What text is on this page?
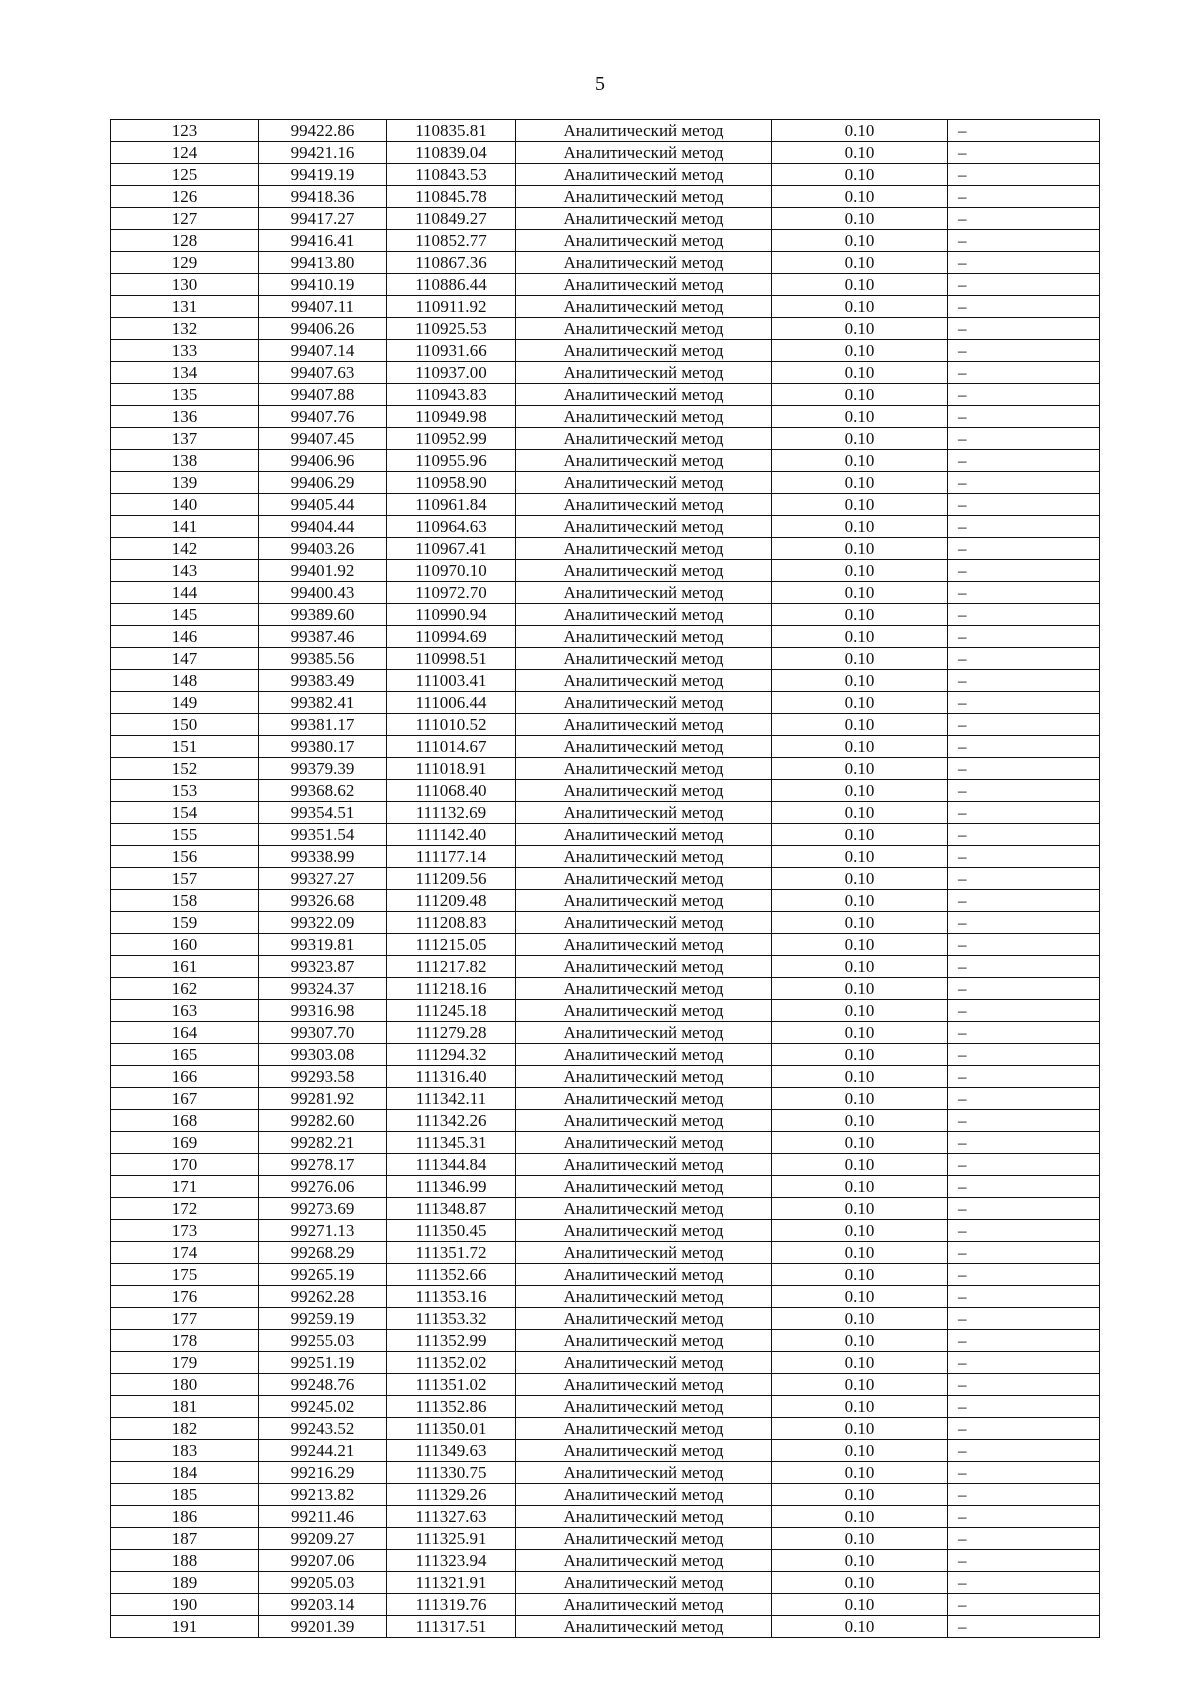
5
123	99422.86	110835.81	Аналитический метод	0.10	–
124	99421.16	110839.04	Аналитический метод	0.10	–
125	99419.19	110843.53	Аналитический метод	0.10	–
126	99418.36	110845.78	Аналитический метод	0.10	–
127	99417.27	110849.27	Аналитический метод	0.10	–
128	99416.41	110852.77	Аналитический метод	0.10	–
129	99413.80	110867.36	Аналитический метод	0.10	–
130	99410.19	110886.44	Аналитический метод	0.10	–
131	99407.11	110911.92	Аналитический метод	0.10	–
132	99406.26	110925.53	Аналитический метод	0.10	–
133	99407.14	110931.66	Аналитический метод	0.10	–
134	99407.63	110937.00	Аналитический метод	0.10	–
135	99407.88	110943.83	Аналитический метод	0.10	–
136	99407.76	110949.98	Аналитический метод	0.10	–
137	99407.45	110952.99	Аналитический метод	0.10	–
138	99406.96	110955.96	Аналитический метод	0.10	–
139	99406.29	110958.90	Аналитический метод	0.10	–
140	99405.44	110961.84	Аналитический метод	0.10	–
141	99404.44	110964.63	Аналитический метод	0.10	–
142	99403.26	110967.41	Аналитический метод	0.10	–
143	99401.92	110970.10	Аналитический метод	0.10	–
144	99400.43	110972.70	Аналитический метод	0.10	–
145	99389.60	110990.94	Аналитический метод	0.10	–
146	99387.46	110994.69	Аналитический метод	0.10	–
147	99385.56	110998.51	Аналитический метод	0.10	–
148	99383.49	111003.41	Аналитический метод	0.10	–
149	99382.41	111006.44	Аналитический метод	0.10	–
150	99381.17	111010.52	Аналитический метод	0.10	–
151	99380.17	111014.67	Аналитический метод	0.10	–
152	99379.39	111018.91	Аналитический метод	0.10	–
153	99368.62	111068.40	Аналитический метод	0.10	–
154	99354.51	111132.69	Аналитический метод	0.10	–
155	99351.54	111142.40	Аналитический метод	0.10	–
156	99338.99	111177.14	Аналитический метод	0.10	–
157	99327.27	111209.56	Аналитический метод	0.10	–
158	99326.68	111209.48	Аналитический метод	0.10	–
159	99322.09	111208.83	Аналитический метод	0.10	–
160	99319.81	111215.05	Аналитический метод	0.10	–
161	99323.87	111217.82	Аналитический метод	0.10	–
162	99324.37	111218.16	Аналитический метод	0.10	–
163	99316.98	111245.18	Аналитический метод	0.10	–
164	99307.70	111279.28	Аналитический метод	0.10	–
165	99303.08	111294.32	Аналитический метод	0.10	–
166	99293.58	111316.40	Аналитический метод	0.10	–
167	99281.92	111342.11	Аналитический метод	0.10	–
168	99282.60	111342.26	Аналитический метод	0.10	–
169	99282.21	111345.31	Аналитический метод	0.10	–
170	99278.17	111344.84	Аналитический метод	0.10	–
171	99276.06	111346.99	Аналитический метод	0.10	–
172	99273.69	111348.87	Аналитический метод	0.10	–
173	99271.13	111350.45	Аналитический метод	0.10	–
174	99268.29	111351.72	Аналитический метод	0.10	–
175	99265.19	111352.66	Аналитический метод	0.10	–
176	99262.28	111353.16	Аналитический метод	0.10	–
177	99259.19	111353.32	Аналитический метод	0.10	–
178	99255.03	111352.99	Аналитический метод	0.10	–
179	99251.19	111352.02	Аналитический метод	0.10	–
180	99248.76	111351.02	Аналитический метод	0.10	–
181	99245.02	111352.86	Аналитический метод	0.10	–
182	99243.52	111350.01	Аналитический метод	0.10	–
183	99244.21	111349.63	Аналитический метод	0.10	–
184	99216.29	111330.75	Аналитический метод	0.10	–
185	99213.82	111329.26	Аналитический метод	0.10	–
186	99211.46	111327.63	Аналитический метод	0.10	–
187	99209.27	111325.91	Аналитический метод	0.10	–
188	99207.06	111323.94	Аналитический метод	0.10	–
189	99205.03	111321.91	Аналитический метод	0.10	–
190	99203.14	111319.76	Аналитический метод	0.10	–
191	99201.39	111317.51	Аналитический метод	0.10	–
